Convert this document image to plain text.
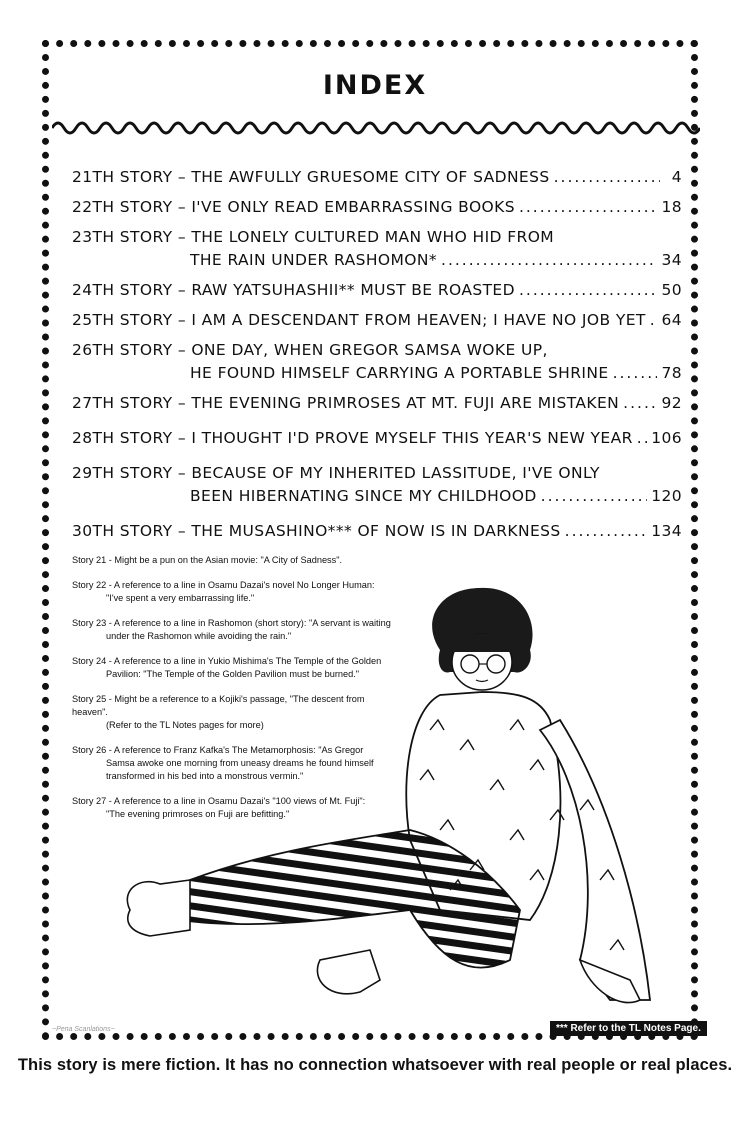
INDEX
21TH STORY – THE AWFULLY GRUESOME CITY OF SADNESS .....	4
22TH STORY – I'VE ONLY READ EMBARRASSING BOOKS .....	18
23TH STORY – THE LONELY CULTURED MAN WHO HID FROM
THE RAIN UNDER RASHOMON* .....	34
24TH STORY – RAW YATSUHASHII** MUST BE ROASTED .....	50
25TH STORY – I AM A DESCENDANT FROM HEAVEN; I HAVE NO JOB YET ..... 64
26TH STORY – ONE DAY, WHEN GREGOR SAMSA WOKE UP,
HE FOUND HIMSELF CARRYING A PORTABLE SHRINE .....	78
27TH STORY – THE EVENING PRIMROSES AT MT. FUJI ARE MISTAKEN .....	92
28TH STORY – I THOUGHT I'D PROVE MYSELF THIS YEAR'S NEW YEAR ..... 106
29TH STORY – BECAUSE OF MY INHERITED LASSITUDE, I'VE ONLY
BEEN HIBERNATING SINCE MY CHILDHOOD .....	120
30TH STORY – THE MUSASHINO*** OF NOW IS IN DARKNESS .....	134
Story 21 - Might be a pun on the Asian movie: "A City of Sadness".
Story 22 - A reference to a line in Osamu Dazai's novel No Longer Human:
"I've spent a very embarrassing life."
Story 23 - A reference to a line in Rashomon (short story): "A servant is waiting
under the Rashomon while avoiding the rain."
Story 24 - A reference to a line in Yukio Mishima's The Temple of the Golden
Pavilion: "The Temple of the Golden Pavilion must be burned."
Story 25 - Might be a reference to a Kojiki's passage, "The descent from heaven".
(Refer to the TL Notes pages for more)
Story 26 - A reference to Franz Kafka's The Metamorphosis: "As Gregor
Samsa awoke one morning from uneasy dreams he found himself
transformed in his bed into a monstrous vermin."
Story 27 - A reference to a line in Osamu Dazai's "100 views of Mt. Fuji":
"The evening primroses on Fuji are befitting."
~Pena Scanlations~	*** Refer to the TL Notes Page.
This story is mere fiction. It has no connection whatsoever with real people or real places.
